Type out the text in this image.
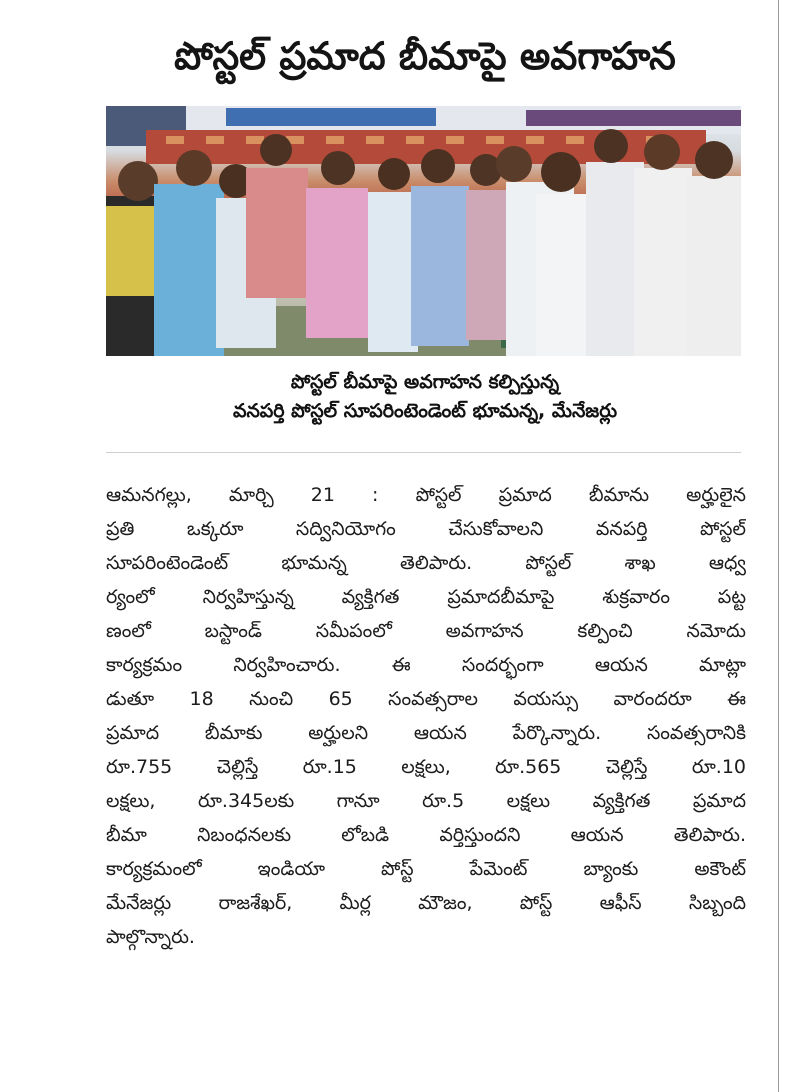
పోస్టల్ ప్రమాద బీమాపై అవగాహన
పోస్టల్ బీమాపై అవగాహన కల్పిస్తున్న
వనపర్తి పోస్టల్ సూపరింటెండెంట్ భూమన్న, మేనేజర్లు
ఆమనగల్లు, మార్చి 21 : పోస్టల్ ప్రమాద బీమాను అర్హులైన
ప్రతి ఒక్కరూ సద్వినియోగం చేసుకోవాలని వనపర్తి పోస్టల్
సూపరింటెండెంట్ భూమన్న తెలిపారు. పోస్టల్ శాఖ ఆధ్వ
ర్యంలో నిర్వహిస్తున్న వ్యక్తిగత ప్రమాదబీమాపై శుక్రవారం పట్ట
ణంలో బస్టాండ్ సమీపంలో అవగాహన కల్పించి నమోదు
కార్యక్రమం నిర్వహించారు. ఈ సందర్భంగా ఆయన మాట్లా
డుతూ 18 నుంచి 65 సంవత్సరాల వయస్సు వారందరూ ఈ
ప్రమాద బీమాకు అర్హులని ఆయన పేర్కొన్నారు. సంవత్సరానికి
రూ.755 చెల్లిస్తే రూ.15 లక్షలు, రూ.565 చెల్లిస్తే రూ.10
లక్షలు, రూ.345లకు గానూ రూ.5 లక్షలు వ్యక్తిగత ప్రమాద
బీమా నిబంధనలకు లోబడి వర్తిస్తుందని ఆయన తెలిపారు.
కార్యక్రమంలో ఇండియా పోస్ట్ పేమెంట్ బ్యాంకు అకౌంట్
మేనేజర్లు రాజశేఖర్, మీర్ల మౌజం, పోస్ట్ ఆఫీస్ సిబ్బంది
పాల్గొన్నారు.
